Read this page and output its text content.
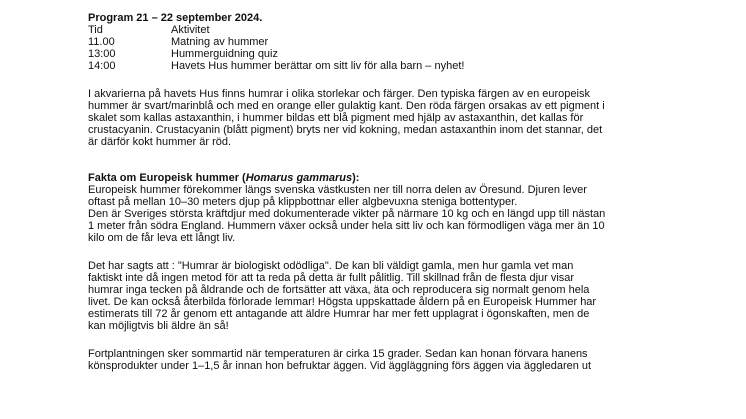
Program 21 – 22 september 2024.
Tid	Aktivitet
11.00	Matning av hummer
13:00	Hummerguidning quiz
14:00	Havets Hus hummer berättar om sitt liv för alla barn – nyhet!
I akvarierna på havets Hus finns humrar i olika storlekar och färger. Den typiska färgen av en europeisk
hummer är svart/marinblå och med en orange eller gulaktig kant. Den röda färgen orsakas av ett pigment i
skalet som kallas astaxanthin, i hummer bildas ett blå pigment med hjälp av astaxanthin, det kallas för
crustacyanin. Crustacyanin (blått pigment) bryts ner vid kokning, medan astaxanthin inom det stannar, det
är därför kokt hummer är röd.
Fakta om Europeisk hummer (Homarus gammarus):
Europeisk hummer förekommer längs svenska västkusten ner till norra delen av Öresund. Djuren lever
oftast på mellan 10–30 meters djup på klippbottnar eller algbevuxna steniga bottentyper.
Den är Sveriges största kräftdjur med dokumenterade vikter på närmare 10 kg och en längd upp till nästan
1 meter från södra England. Hummern växer också under hela sitt liv och kan förmodligen väga mer än 10
kilo om de får leva ett långt liv.
Det har sagts att : "Humrar är biologiskt odödliga". De kan bli väldigt gamla, men hur gamla vet man
faktiskt inte då ingen metod för att ta reda på detta är fullt pålitlig. Till skillnad från de flesta djur visar
humrar inga tecken på åldrande och de fortsätter att växa, äta och reproducera sig normalt genom hela
livet. De kan också återbilda förlorade lemmar! Högsta uppskattade åldern på en Europeisk Hummer har
estimerats till 72 år genom ett antagande att äldre Humrar har mer fett upplagrat i ögonskaften, men de
kan möjligtvis bli äldre än så!
Fortplantningen sker sommartid när temperaturen är cirka 15 grader. Sedan kan honan förvara hanens
könsprodukter under 1–1,5 år innan hon befruktar äggen. Vid äggläggning förs äggen via äggledaren ut
